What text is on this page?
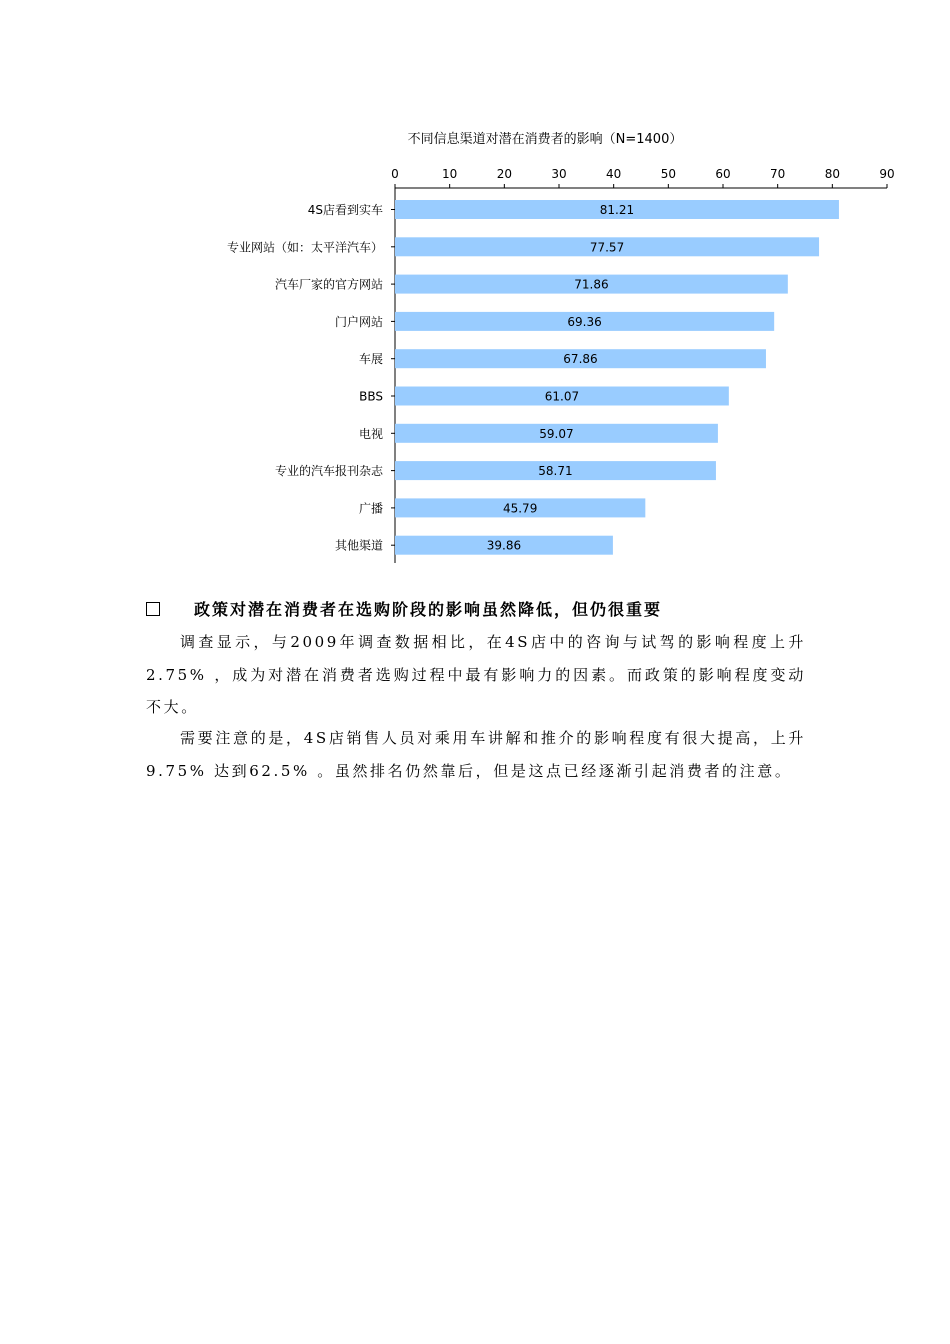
不同信息渠道对潜在消费者的影响（N=1400）
0	10	20	30	40	50	60	70	80	90
4S店看到实车
专业网站（如：太平洋汽车）
汽车厂家的官方网站
门户网站
车展
BBS
电视
专业的汽车报刊杂志
广播
其他渠道
81.21
77.57
71.86
69.36
67.86
61.07
59.07
58.71
45.79
39.86
政策对潜在消费者在选购阶段的影响虽然降低，但仍很重要

调查显示，与2009年调查数据相比，在4S店中的咨询与试驾的影响程度上升2.75% ，成为对潜在消费者选购过程中最有影响力的因素。而政策的影响程度变动不大。

需要注意的是，4S店销售人员对乘用车讲解和推介的影响程度有很大提高，上升9.75% 达到62.5% 。虽然排名仍然靠后，但是这点已经逐渐引起消费者的注意。
